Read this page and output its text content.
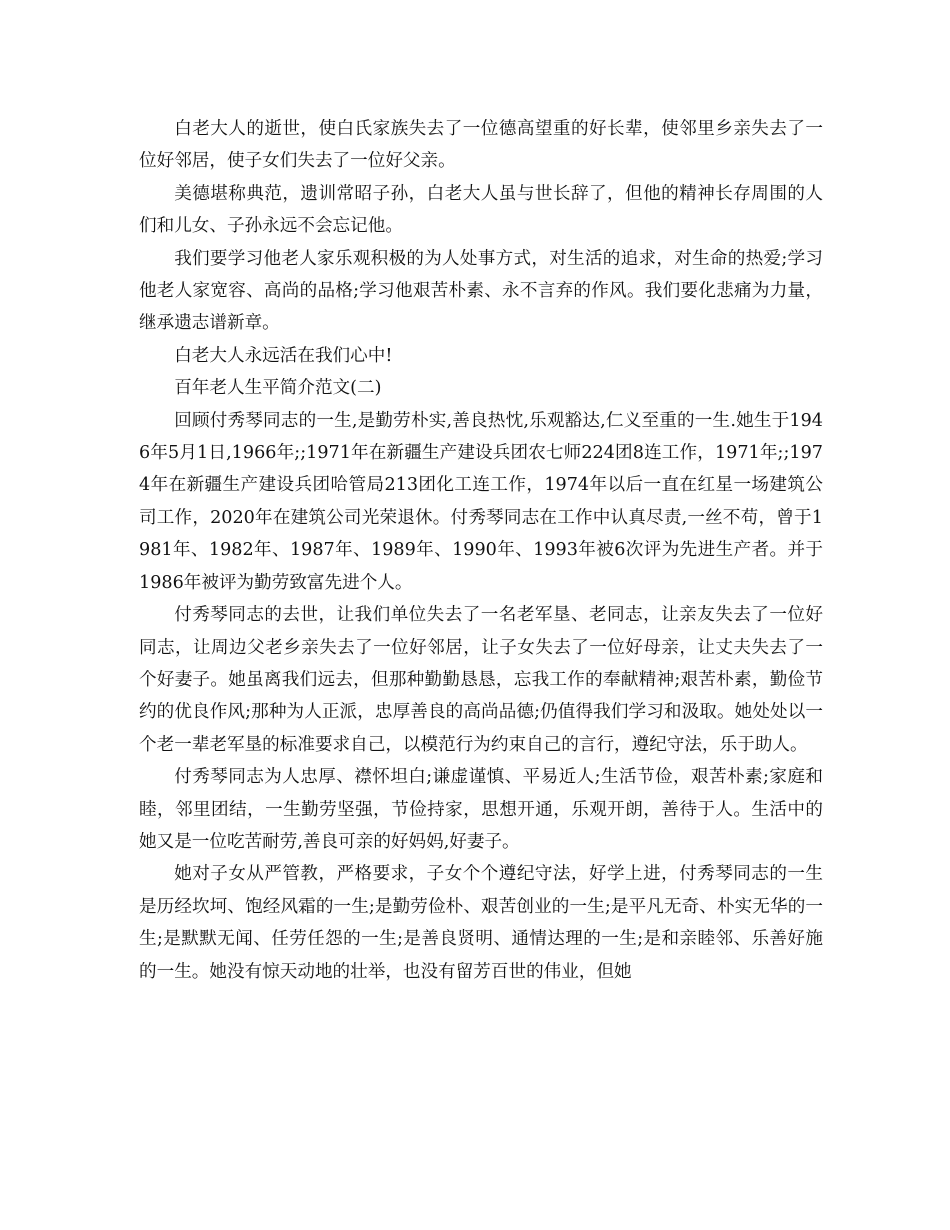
白老大人的逝世，使白氏家族失去了一位德高望重的好长辈，使邻里乡亲失去了一位好邻居，使子女们失去了一位好父亲。

美德堪称典范，遗训常昭子孙，白老大人虽与世长辞了，但他的精神长存周围的人们和儿女、子孙永远不会忘记他。

我们要学习他老人家乐观积极的为人处事方式，对生活的追求，对生命的热爱;学习他老人家宽容、高尚的品格;学习他艰苦朴素、永不言弃的作风。我们要化悲痛为力量，继承遗志谱新章。

白老大人永远活在我们心中!

百年老人生平简介范文(二)

回顾付秀琴同志的一生,是勤劳朴实,善良热忱,乐观豁达,仁义至重的一生.她生于1946年5月1日,1966年;;1971年在新疆生产建设兵团农七师224团8连工作，1971年;;1974年在新疆生产建设兵团哈管局213团化工连工作，1974年以后一直在红星一场建筑公司工作，2020年在建筑公司光荣退休。付秀琴同志在工作中认真尽责,一丝不苟，曾于1981年、1982年、1987年、1989年、1990年、1993年被6次评为先进生产者。并于1986年被评为勤劳致富先进个人。

付秀琴同志的去世，让我们单位失去了一名老军垦、老同志，让亲友失去了一位好同志，让周边父老乡亲失去了一位好邻居，让子女失去了一位好母亲，让丈夫失去了一个好妻子。她虽离我们远去，但那种勤勤恳恳，忘我工作的奉献精神;艰苦朴素，勤俭节约的优良作风;那种为人正派，忠厚善良的高尚品德;仍值得我们学习和汲取。她处处以一个老一辈老军垦的标准要求自己，以模范行为约束自己的言行，遵纪守法，乐于助人。

付秀琴同志为人忠厚、襟怀坦白;谦虚谨慎、平易近人;生活节俭，艰苦朴素;家庭和睦，邻里团结，一生勤劳坚强，节俭持家，思想开通，乐观开朗，善待于人。生活中的她又是一位吃苦耐劳,善良可亲的好妈妈,好妻子。

她对子女从严管教，严格要求，子女个个遵纪守法，好学上进，付秀琴同志的一生是历经坎坷、饱经风霜的一生;是勤劳俭朴、艰苦创业的一生;是平凡无奇、朴实无华的一生;是默默无闻、任劳任怨的一生;是善良贤明、通情达理的一生;是和亲睦邻、乐善好施的一生。她没有惊天动地的壮举，也没有留芳百世的伟业，但她
